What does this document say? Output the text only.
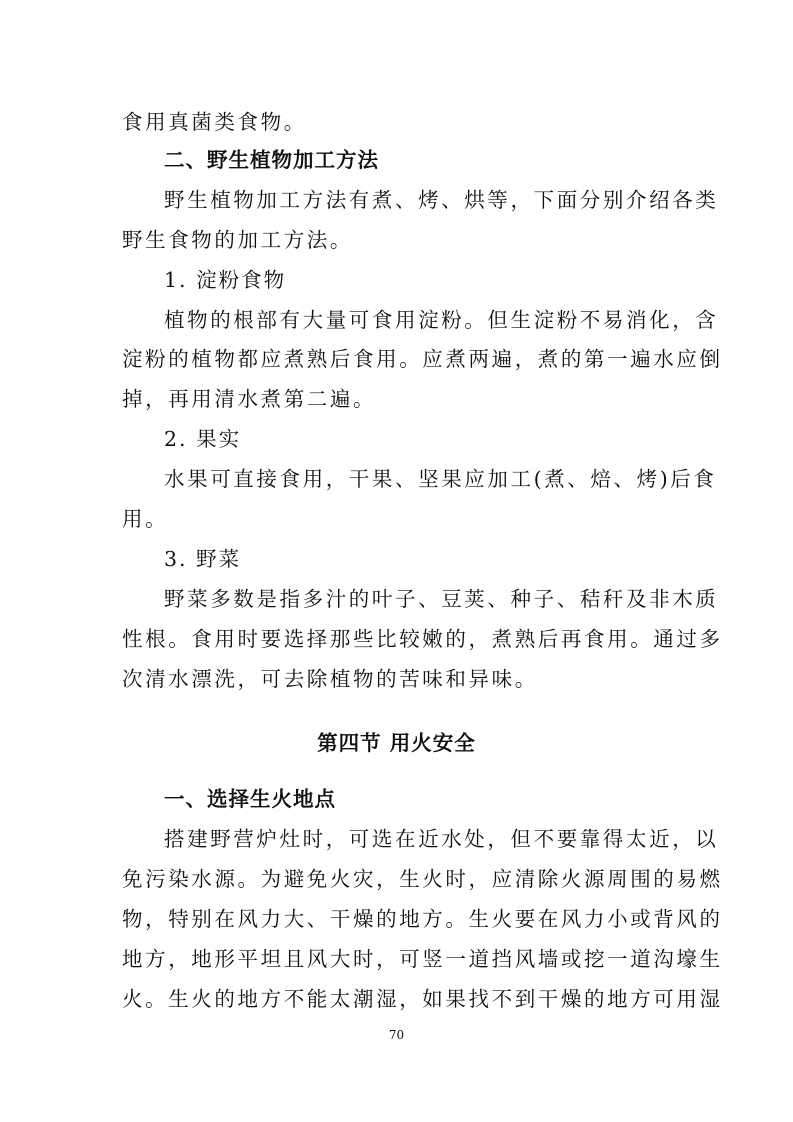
食用真菌类食物。
二、野生植物加工方法
野生植物加工方法有煮、烤、烘等，下面分别介绍各类
野生食物的加工方法。
1. 淀粉食物
植物的根部有大量可食用淀粉。但生淀粉不易消化，含
淀粉的植物都应煮熟后食用。应煮两遍，煮的第一遍水应倒
掉，再用清水煮第二遍。
2. 果实
水果可直接食用，干果、坚果应加工(煮、焙、烤)后食
用。
3. 野菜
野菜多数是指多汁的叶子、豆荚、种子、秸秆及非木质
性根。食用时要选择那些比较嫩的，煮熟后再食用。通过多
次清水漂洗，可去除植物的苦味和异味。
第四节 用火安全
一、选择生火地点
搭建野营炉灶时，可选在近水处，但不要靠得太近，以
免污染水源。为避免火灾，生火时，应清除火源周围的易燃
物，特别在风力大、干燥的地方。生火要在风力小或背风的
地方，地形平坦且风大时，可竖一道挡风墙或挖一道沟壕生
火。生火的地方不能太潮湿，如果找不到干燥的地方可用湿
70
